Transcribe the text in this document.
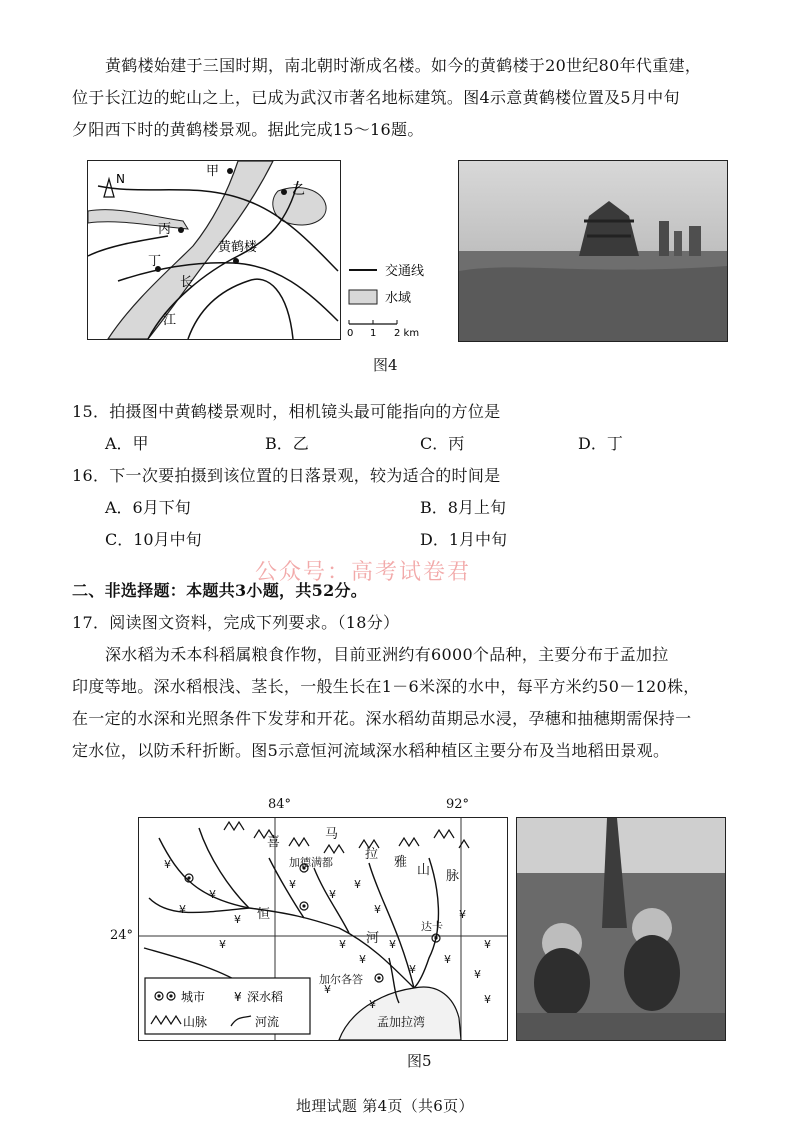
黄鹤楼始建于三国时期，南北朝时渐成名楼。如今的黄鹤楼于20世纪80年代重建，
位于长江边的蛇山之上，已成为武汉市著名地标建筑。图4示意黄鹤楼位置及5月中旬
夕阳西下时的黄鹤楼景观。据此完成15～16题。
N	甲
乙
丙
丁
黄鹤楼
长
江
交通线
水域
0 1 2 km
图4
15．拍摄图中黄鹤楼景观时，相机镜头最可能指向的方位是
A．甲	B．乙	C．丙	D．丁
16．下一次要拍摄到该位置的日落景观，较为适合的时间是
A．6月下旬	B．8月上旬
C．10月中旬	D．1月中旬
公众号：高考试卷君
二、非选择题：本题共3小题，共52分。
17．阅读图文资料，完成下列要求。（18分）
深水稻为禾本科稻属粮食作物，目前亚洲约有6000个品种，主要分布于孟加拉
印度等地。深水稻根浅、茎长，一般生长在1－6米深的水中，每平方米约50－120株，
在一定的水深和光照条件下发芽和开花。深水稻幼苗期忌水浸，孕穗和抽穗期需保持一
定水位，以防禾秆折断。图5示意恒河流域深水稻种植区主要分布及当地稻田景观。
84°	92°
24°
¥
¥
¥
¥
¥
¥
¥
¥
¥
¥
¥
¥
¥
¥
¥
¥
¥
¥
¥
¥
喜
马
拉
雅
山 脉
加德满都
恒
河
达卡
加尔各答
孟加拉湾
城市 ¥ 深水稻
山脉	河流
图5
地理试题 第4页（共6页）
